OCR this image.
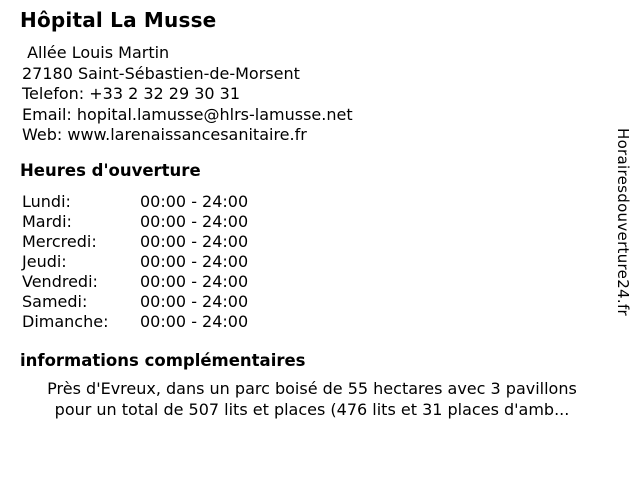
Hôpital La Musse
Allée Louis Martin
27180 Saint-Sébastien-de-Morsent
Telefon: +33 2 32 29 30 31
Email: hopital.lamusse@hlrs-lamusse.net
Web: www.larenaissancesanitaire.fr
Heures d'ouverture
Lundi:	00:00 - 24:00
Mardi:	00:00 - 24:00
Mercredi:	00:00 - 24:00
Jeudi:	00:00 - 24:00
Vendredi:	00:00 - 24:00
Samedi:	00:00 - 24:00
Dimanche:	00:00 - 24:00
informations complémentaires
Près d'Evreux, dans un parc boisé de 55 hectares avec 3 pavillons
pour un total de 507 lits et places (476 lits et 31 places d'amb...
Horairesdouverture24.fr
